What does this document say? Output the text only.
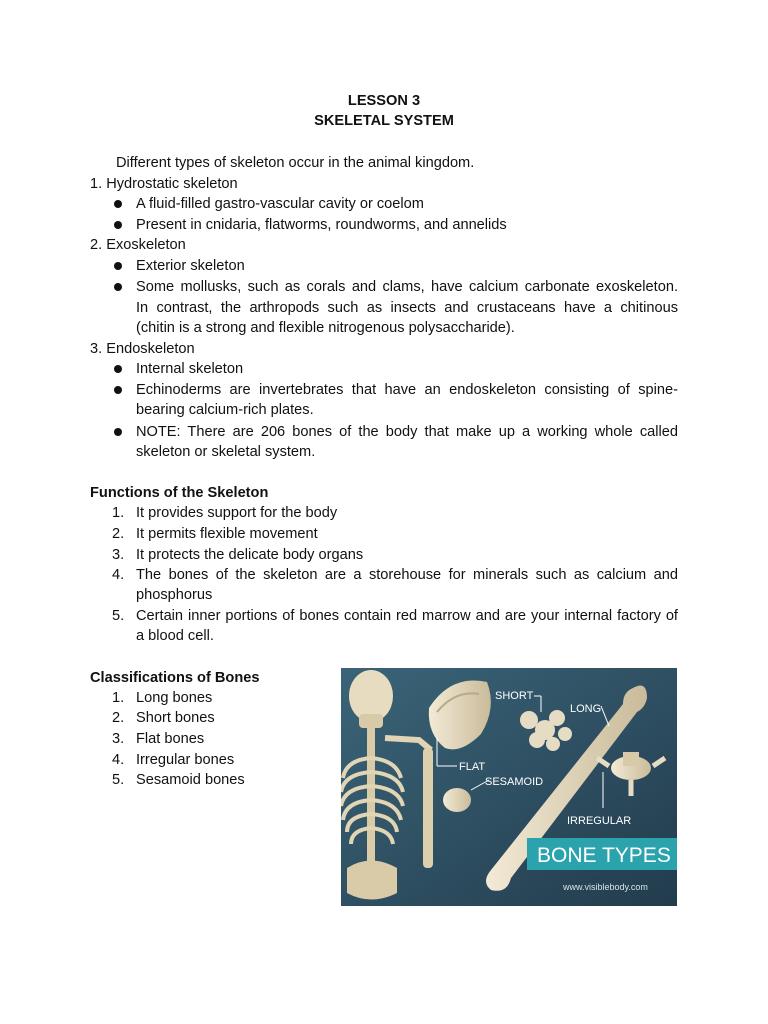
LESSON 3
SKELETAL SYSTEM
Different types of skeleton occur in the animal kingdom.
1. Hydrostatic skeleton
A fluid-filled gastro-vascular cavity or coelom
Present in cnidaria, flatworms, roundworms, and annelids
2. Exoskeleton
Exterior skeleton
Some mollusks, such as corals and clams, have calcium carbonate exoskeleton.
In contrast, the arthropods such as insects and crustaceans have a chitinous
(chitin is a strong and flexible nitrogenous polysaccharide).
3. Endoskeleton
Internal skeleton
Echinoderms are invertebrates that have an endoskeleton consisting of spine-
bearing calcium-rich plates.
NOTE: There are 206 bones of the body that make up a working whole called
skeleton or skeletal system.
Functions of the Skeleton
1. It provides support for the body
2. It permits flexible movement
3. It protects the delicate body organs
4. The bones of the skeleton are a storehouse for minerals such as calcium and
phosphorus
5. Certain inner portions of bones contain red marrow and are your internal factory of
a blood cell.
Classifications of Bones
1. Long bones
2. Short bones
3. Flat bones
4. Irregular bones
5. Sesamoid bones
SHORT
LONG
FLAT
SESAMOID
IRREGULAR
BONE TYPES
www.visiblebody.com
